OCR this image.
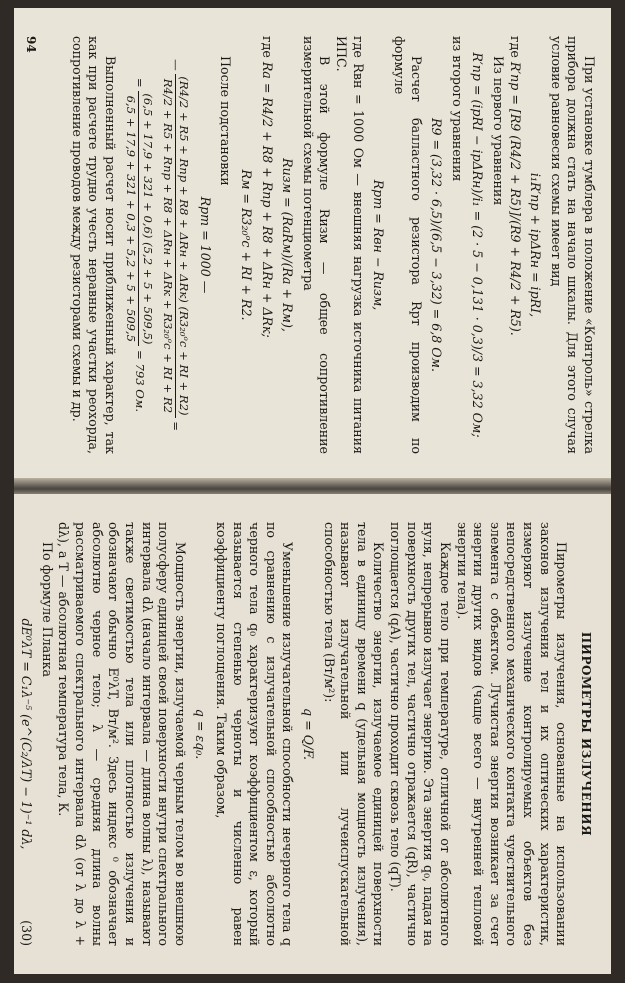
При установке тумблера в положение «Контроль» стрелка прибора должна стать на начало шкалы. Для этого случая условие равновесия схемы имеет вид

i₁R′пр + iрΔRн = iрRI,

где R′пр = [R9 (R4/2 + R5)]/(R9 + R4/2 + R5).

Из первого уравнения

R′пр = (iрRI − iрΔRн)/i₁ = (2 · 5 − 0,131 · 0,3)/3 = 3,32 Ом;

из второго уравнения

R9 = (3,32 · 6,5)/(6,5 − 3,32) = 6,8 Ом.

Расчет балластного резистора Rрт производим по формуле

Rрт = Rвн − Rизм,

где Rвн = 1000 Ом — внешняя нагрузка источника питания ИПС.

В этой формуле Rизм — общее сопротивление измерительной схемы потенциометра

Rизм = (RаRм)/(Rа + Rм),

где Rа = R4/2 + R8 + Rпр + R8 + ΔRн + ΔRк;

Rм = R3₂₀ᵒс + RI + R2.

После подстановки

Rрт = 1000 —
—
(R4/2 + R5 + Rпр + R8 + ΔRн + ΔRк) (R3₂₀ᵒс + RI + R2)
R4/2 + R5 + Rпр + R8 + ΔRн + ΔRк + R3₂₀ᵒс + RI + R2
=
=
(6,5 + 17,9 + 321 + 0,6) (5,2 + 5 + 509,5)
6,5 + 17,9 + 321 + 0,3 + 5,2 + 5 + 509,5
= 793 Ом.

Выполненный расчет носит приближенный характер, так как при расчете трудно учесть неравные участки реохорда, сопротивление проводов между резисторами схемы и др.

94
ПИРОМЕТРЫ ИЗЛУЧЕНИЯ

Пирометры излучения, основанные на использовании законов излучения тел и их оптических характеристик, измеряют излучение контролируемых объектов без непосредственного механического контакта чувствительного элемента с объектом. Лучистая энергия возникает за счет энергии других видов (чаще всего — внутренней тепловой энергии тела).

Каждое тело при температуре, отличной от абсолютного нуля, непрерывно излучает энергию. Эта энергия q₀, падая на поверхность других тел, частично отражается (qR), частично поглощается (qA), частично проходит сквозь тело (qT).

Количество энергии, излучаемое единицей поверхности тела в единицу времени q (удельная мощность излучения), называют излучательной или лучеиспускательной способностью тела (Вт/м²):

q = Q/F.

Уменьшение излучательной способности нечерного тела q по сравнению с излучательной способностью абсолютно черного тела q₀ характеризуют коэффициентом ε, который называется степенью черноты и численно равен коэффициенту поглощения. Таким образом,

q = εq₀.

Мощность энергии, излучаемой черным телом во внешнюю полусферу единицей своей поверхности внутри спектрального интервала dλ (начало интервала — длина волны λ), называют также светимостью тела или плотностью излучения и обозначают обычно E⁰λT, Вт/м². Здесь индекс ⁰ обозначает абсолютно черное тело; λ — средняя длина волны рассматриваемого спектрального интервала dλ (от λ до λ + dλ), а T — абсолютная температура тела, К.

По формуле Планка

dE⁰λT = C₁λ⁻⁵ (e^(C₂/λT) − 1)⁻¹ dλ,
(30)
